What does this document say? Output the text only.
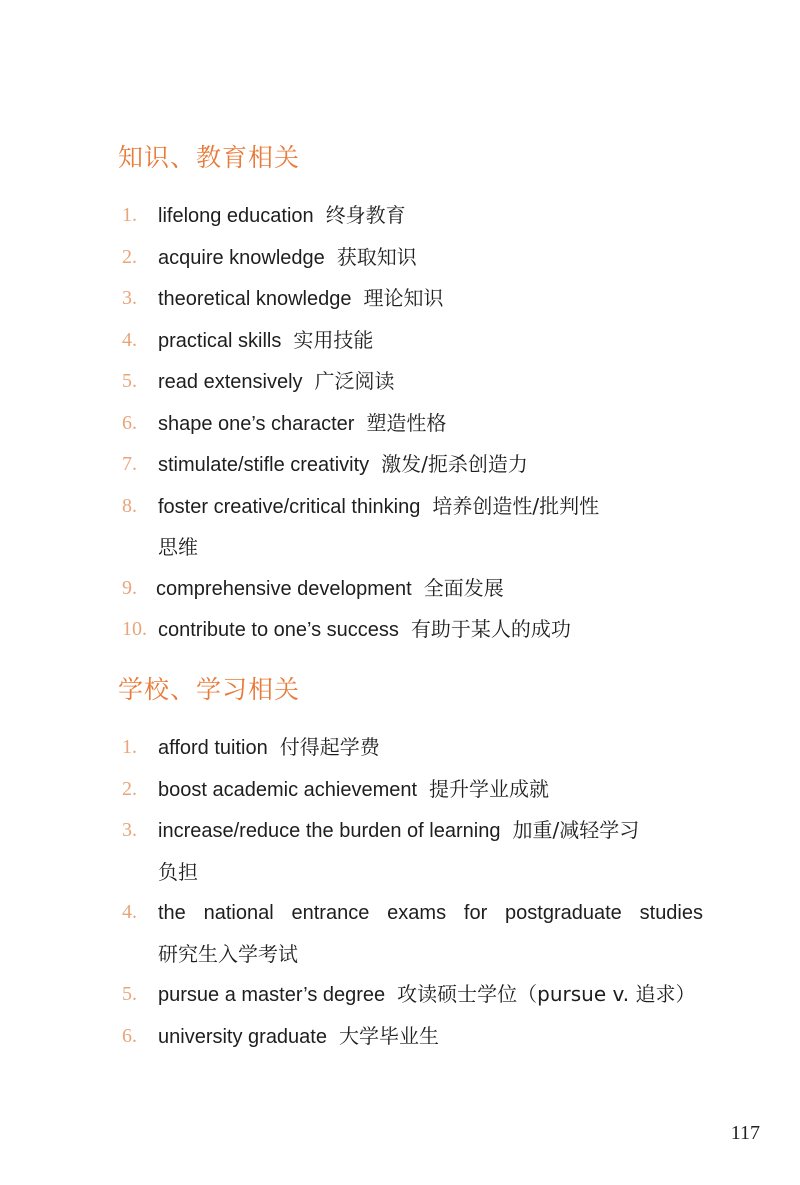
知识、教育相关
1. lifelong education 终身教育
2. acquire knowledge 获取知识
3. theoretical knowledge 理论知识
4. practical skills 实用技能
5. read extensively 广泛阅读
6. shape one’s character 塑造性格
7. stimulate/stifle creativity 激发/扼杀创造力
8. foster creative/critical thinking 培养创造性/批判性
思维
9. comprehensive development 全面发展
10. contribute to one’s success 有助于某人的成功
学校、学习相关
1. afford tuition 付得起学费
2. boost academic achievement 提升学业成就
3. increase/reduce the burden of learning 加重/减轻学习
负担
4. the national entrance exams for postgraduate studies
研究生入学考试
5. pursue a master’s degree 攻读硕士学位（pursue v. 追求）
6. university graduate 大学毕业生
117
